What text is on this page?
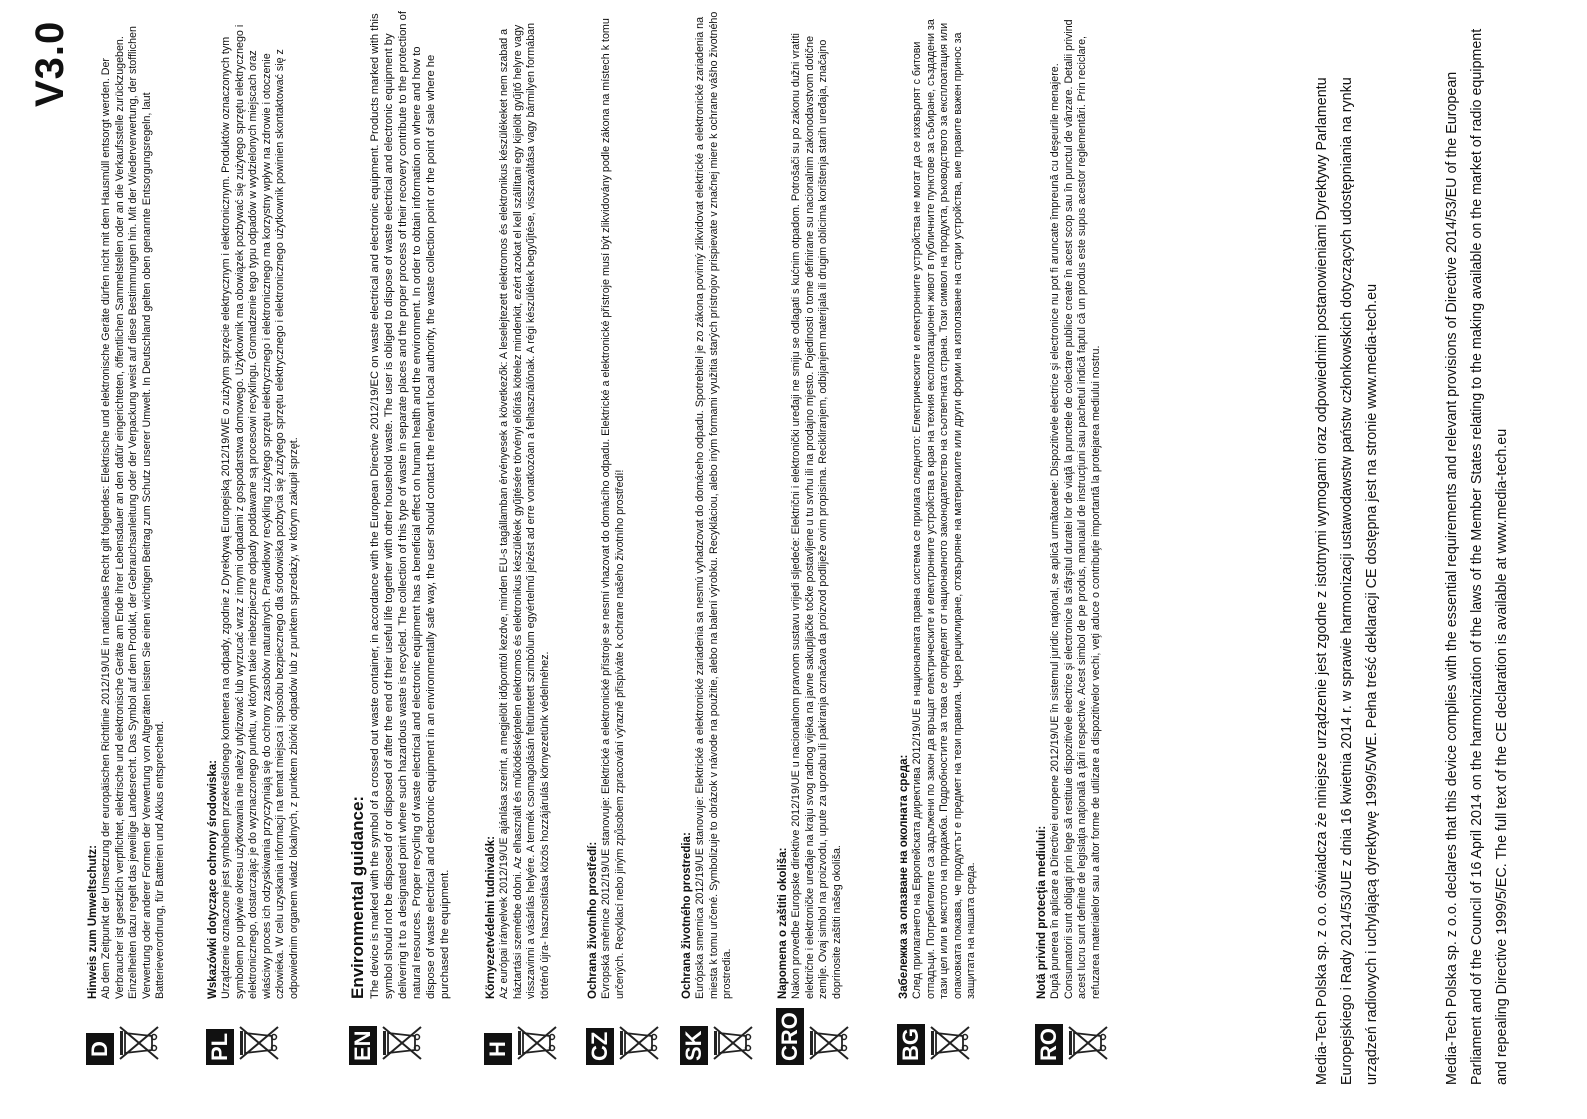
V3.0
D
Hinweis zum Umweltschutz: Ab dem Zeitpunkt der Umsetzung der europäischen Richtlinie 2012/19/UE in nationales Recht gilt folgendes: Elektrische und elektronische Geräte dürfen nicht mit dem Hausmüll entsorgt werden. Der Verbraucher ist gesetzlich verpflichtet, elektrische und elektronische Geräte am Ende ihrer Lebensdauer an den dafür eingerichteten, öffentlichen Sammelstellen oder an die Verkaufsstelle zurückzugeben. Einzelheiten dazu regelt das jeweilige Landesrecht. Das Symbol auf dem Produkt, der Gebrauchsanleitung oder der Verpackung weist auf diese Bestimmungen hin. Mit der Wiederverwertung, der stofflichen Verwertung oder anderer Formen der Verwertung von Altgeräten leisten Sie einen wichtigen Beitrag zum Schutz unserer Umwelt. In Deutschland gelten oben genannte Entsorgungsregeln, laut Batterieverordnung, für Batterien und Akkus entsprechend.
PL
Wskazówki dotyczące ochrony środowiska: Urządzenie oznaczone jest symbolem przekreślonego kontenera na odpady, zgodnie z Dyrektywą Europejską 2012/19/WE o zużytym sprzęcie elektrycznym i elektronicznym. Produktów oznaczonych tym symbolem po upływie okresu użytkowania nie należy utylizować lub wyrzucać wraz z innymi odpadami z gospodarstwa domowego. Użytkownik ma obowiązek pozbywać się zużytego sprzętu elektrycznego i elektronicznego, dostarczając je do wyznaczonego punktu, w którym takie niebezpieczne odpady poddawane są procesowi recyklingu. Gromadzenie tego typu odpadów w wydzielonych miejscach oraz właściwy proces ich odzyskiwania przyczyniają się do ochrony zasobów naturalnych. Prawidłowy recykling zużytego sprzętu elektrycznego i elektronicznego ma korzystny wpływ na zdrowie i otoczenie człowieka. W celu uzyskania informacji na temat miejsca i sposobu bezpiecznego dla środowiska pozbycia się zużytego sprzętu elektrycznego i elektronicznego użytkownik powinien skontaktować się z odpowiednim organem władz lokalnych, z punktem zbiórki odpadów lub z punktem sprzedaży, w którym zakupił sprzęt.
EN
Environmental guidance: The device is marked with the symbol of a crossed out waste container, in accordance with the European Directive 2012/19/EC on waste electrical and electronic equipment. Products marked with this symbol should not be disposed of or disposed of after the end of their useful life together with other household waste. The user is obliged to dispose of waste electrical and electronic equipment by delivering it to a designated point where such hazardous waste is recycled. The collection of this type of waste in separate places and the proper process of their recovery contribute to the protection of natural resources. Proper recycling of waste electrical and electronic equipment has a beneficial effect on human health and the environment. In order to obtain information on where and how to dispose of waste electrical and electronic equipment in an environmentally safe way, the user should contact the relevant local authority, the waste collection point or the point of sale where he purchased the equipment.
H
Környezetvédelmi tudnivalók: Az európai irányelvek 2012/19/UE ajánlása szerint, a megjelölt időponttól kezdve, minden EU-s tagállamban érvényesek a következők: A leselejtezett elektromos és elektronikus készülékeket nem szabad a háztartási szemétbe dobni. Az elhasznált és működésképtelen elektromos és elektronikus készülékek gyűjtésére törvényi előírás kötelez mindenkit, ezért azokat el kell szállítani egy kijelölt gyűjtő helyre vagy visszavinni a vásárlás helyére. A termék csomagolásán feltüntetett szimbólum egyértelmű jelzést ad erre vonatkozóan a felhasználónak. A régi készülékek begyűjtése, visszaváltása vagy bármilyen formában történő újra- hasznosítása közös hozzájárulás környezetünk védelméhez.
CZ
Ochrana životního prostředí: Evropská směrnice 2012/19/UE stanovuje: Elektrické a elektronické přístroje se nesmí vhazovat do domácího odpadu. Elektrické a elektronické přístroje musí být zlikvidovány podle zákona na místech k tomu určených. Recyklací nebo jiným způsobem zpracování výrazně přispíváte k ochrane našeho životního prostředí!
SK
Ochrana životného prostredia: Európska smernica 2012/19/UE stanovuje: Elektrické a elektronické zariadenia sa nesmú vyhadzovat do domáceho odpadu. Spotrebitel je zo zákona povinný zlikvidovat elektrické a elektronické zariadenia na miesta k tomu určené. Symbolizuje to obrázok v návode na použitie, alebo na balení výrobku. Recykláciou, alebo iným formami využitia starých prístrojov prispievate v značnej miere k ochrane vášho životného prostredia.
CRO
Napomena o zaštiti okoliša: Nakon provedbe Europske direktive 2012/19/UE u nacionalnom pravnom sustavu vrijedi sljedeće: Električni i elektronički uređaji ne smiju se odlagati s kućnim otpadom. Potrošači su po zakonu dužni vratiti električne i elektroničke uređaje na kraju svog radnog vijeka na javne sakupljačke točke postavljene u tu svrhu ili na prodajno mjesto. Pojedinosti o tome definirane su nacionalnim zakonodavstvom dotične zemlje. Ovaj simbol na proizvodu, upute za uporabu ili pakiranja označava da proizvod podliježe ovim propisima. Recikliranjem, odbijanjem materijala ili drugim oblicima korištenja starih uređaja, značajno doprinosite zaštiti našeg okoliša.
BG
Забележка за опазване на околната среда: След прилагането на Европейската директива 2012/19/UE в националната правна система се прилага следното: Електрическите и електронните устройства не могат да се изхвърлят с битови отпадъци. Потребителите са задължени по закон да връщат електрическите и електронните устройства в края на техния експлоатационен живот в публичните пунктове за събиране, създадени за тази цел или в мястото на продажба. Подробностите за това се определят от националното законодателство на съответната страна. Този символ на продукта, ръководството за експлоатация или опаковката показва, че продуктът е предмет на тези правила. Чрез рециклиране, отхвърляне на материалите или други форми на използване на стари устройства, вие правите важен принос за защитата на нашата среда.
RO
Notă privind protecţia mediului: După punerea în aplicare a Directivei europene 2012/19/UE în sistemul juridic naţional, se aplică următoarele: Dispozitivele electrice şi electronice nu pot fi aruncate împreună cu deşeurile menajere. Consumatorii sunt obligaţi prin lege să restituie dispozitivele electrice şi electronice la sfârşitul duratei lor de viaţă la punctele de colectare publice create în acest scop sau în punctul de vânzare. Detalii privind acest lucru sunt definite de legislaţia naţională a ţării respective. Acest simbol de pe produs, manualul de instrucţiuni sau pachetul indică faptul că un produs este supus acestor reglementări. Prin reciclare, refuzarea materialelor sau a altor forme de utilizare a dispozitivelor vechi, veţi aduce o contribuţie importantă la protejarea mediului nostru.	Media-Tech Polska sp. z o.o. oświadcza że niniejsze urządzenie jest zgodne z istotnymi wymogami oraz odpowiednimi postanowieniami Dyrektywy Parlamentu Europejskiego i Rady 2014/53/UE z dnia 16 kwietnia 2014 r. w sprawie harmonizacji ustawodawstw państw członkowskich dotyczących udostępniania na rynku urządzeń radiowych i uchylającą dyrektywę 1999/5/WE. Pełna treść deklaracji CE dostępna jest na stronie www.media-tech.eu	Media-Tech Polska sp. z o.o. declares that this device complies with the essential requirements and relevant provisions of Directive 2014/53/EU of the European Parliament and of the Council of 16 April 2014 on the harmonization of the laws of the Member States relating to the making available on the market of radio equipment and repealing Directive 1999/5/EC. The full text of the CE declaration is available at www.media-tech.eu
